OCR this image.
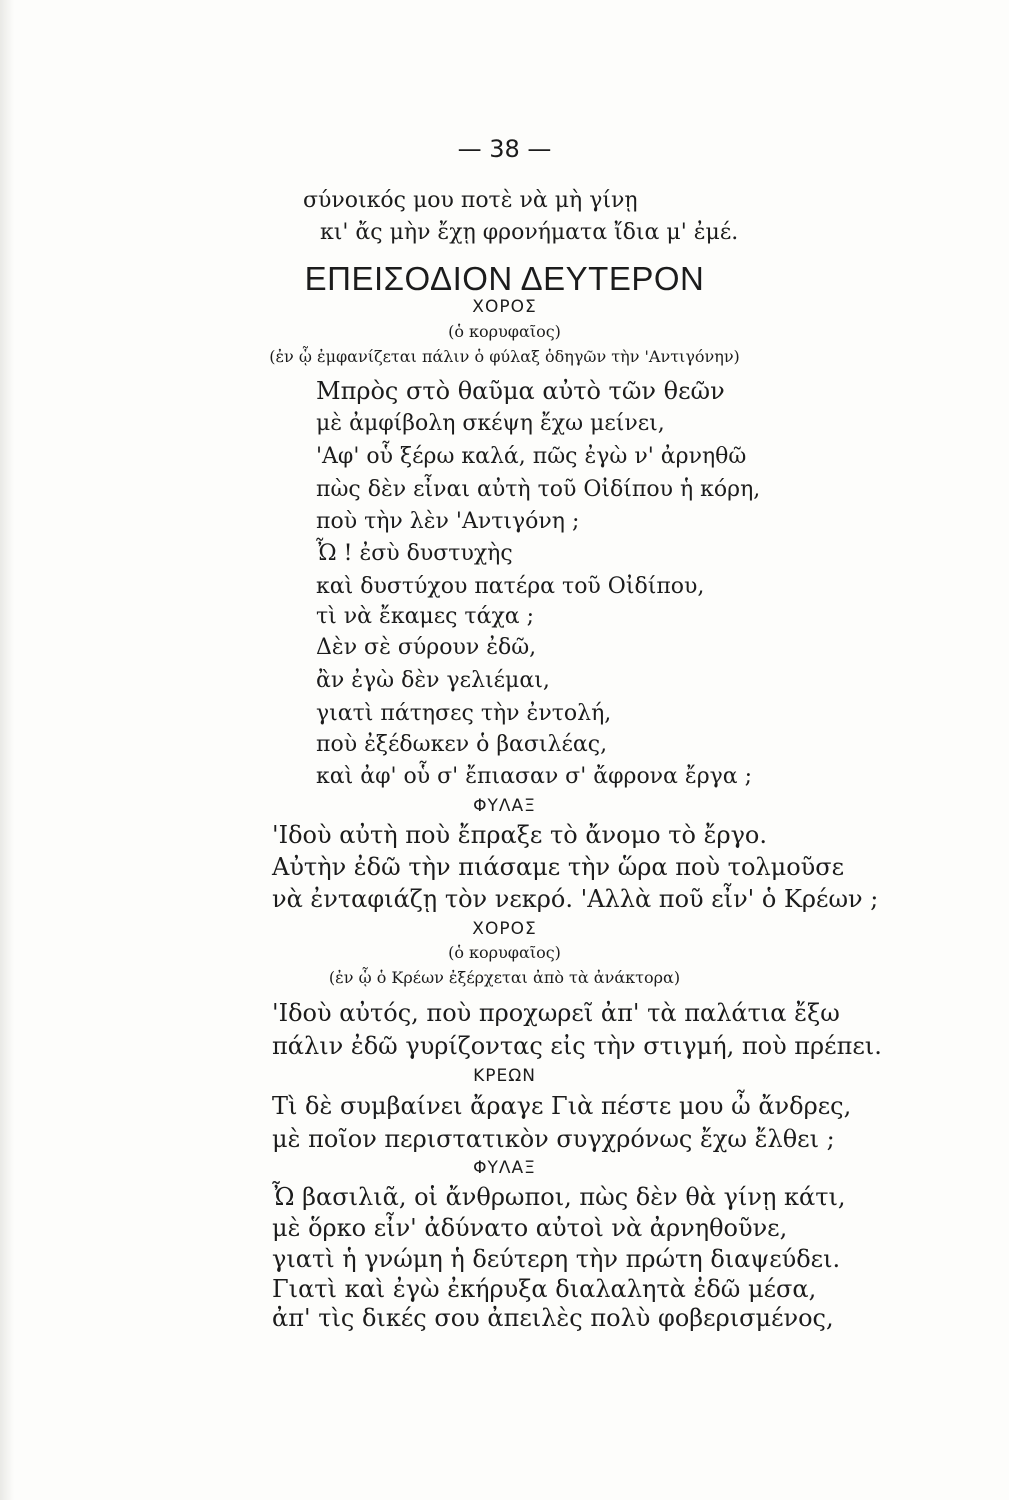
— 38 —
σύνοικός μου ποτὲ νὰ μὴ γίνῃ
κι' ἄς μὴν ἔχῃ φρονήματα ἴδια μ' ἐμέ.
ΕΠΕΙΣΟΔΙΟΝ ΔΕΥΤΕΡΟΝ
ΧΟΡΟΣ
(ὁ κορυφαῖος)
(ἐν ᾧ ἐμφανίζεται πάλιν ὁ φύλαξ ὁδηγῶν τὴν 'Αντιγόνην)
Μπρὸς στὸ θαῦμα αὐτὸ τῶν θεῶν
μὲ ἀμφίβολη σκέψη ἔχω μείνει,
'Αφ' οὗ ξέρω καλά, πῶς ἐγὼ ν' ἀρνηθῶ
πὼς δὲν εἶναι αὐτὴ τοῦ Οἰδίπου ἡ κόρη,
ποὺ τὴν λὲν 'Αντιγόνη ;
Ὦ ! ἐσὺ δυστυχὴς
καὶ δυστύχου πατέρα τοῦ Οἰδίπου,
τὶ νὰ ἔκαμες τάχα ;
Δὲν σὲ σύρουν ἐδῶ,
ἂν ἐγὼ δὲν γελιέμαι,
γιατὶ πάτησες τὴν ἐντολή,
ποὺ ἐξέδωκεν ὁ βασιλέας,
καὶ ἀφ' οὗ σ' ἔπιασαν σ' ἄφρονα ἔργα ;
ΦΥΛΑΞ
'Ιδοὺ αὐτὴ ποὺ ἔπραξε τὸ ἄνομο τὸ ἔργο.
Αὐτὴν ἐδῶ τὴν πιάσαμε τὴν ὥρα ποὺ τολμοῦσε
νὰ ἐνταφιάζῃ τὸν νεκρό. 'Αλλὰ ποῦ εἶν' ὁ Κρέων ;
ΧΟΡΟΣ
(ὁ κορυφαῖος)
(ἐν ᾧ ὁ Κρέων ἐξέρχεται ἀπὸ τὰ ἀνάκτορα)
'Ιδοὺ αὐτός, ποὺ προχωρεῖ ἀπ' τὰ παλάτια ἔξω
πάλιν ἐδῶ γυρίζοντας εἰς τὴν στιγμή, ποὺ πρέπει.
ΚΡΕΩΝ
Τὶ δὲ συμβαίνει ἄραγε Γιὰ πέστε μου ὦ ἄνδρες,
μὲ ποῖον περιστατικὸν συγχρόνως ἔχω ἔλθει ;
ΦΥΛΑΞ
Ὦ βασιλιᾶ, οἱ ἄνθρωποι, πὼς δὲν θὰ γίνῃ κάτι,
μὲ ὅρκο εἶν' ἀδύνατο αὐτοὶ νὰ ἀρνηθοῦνε,
γιατὶ ἡ γνώμη ἡ δεύτερη τὴν πρώτη διαψεύδει.
Γιατὶ καὶ ἐγὼ ἐκήρυξα διαλαλητὰ ἐδῶ μέσα,
ἀπ' τὶς δικές σου ἀπειλὲς πολὺ φοβερισμένος,
